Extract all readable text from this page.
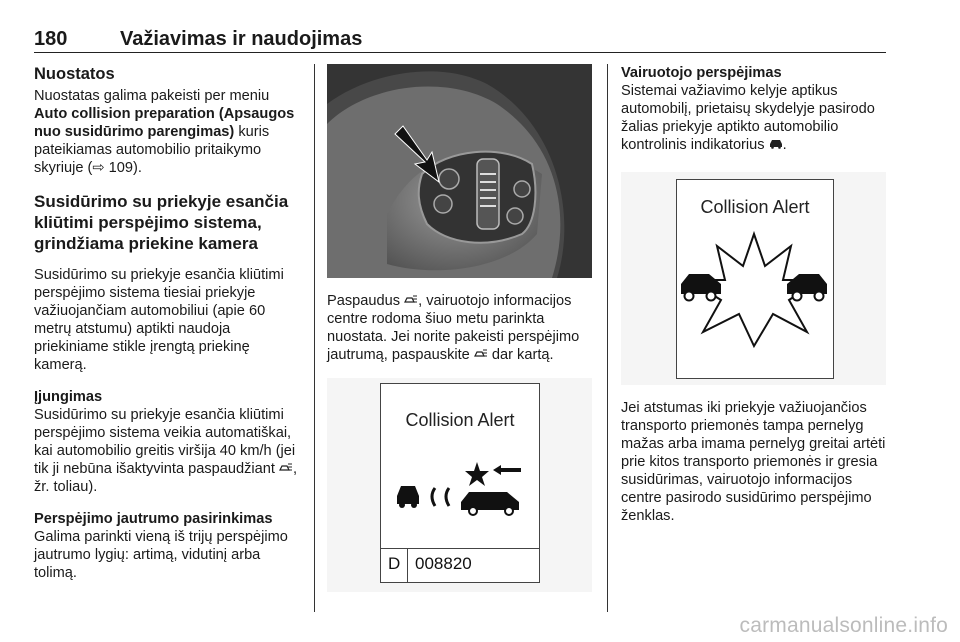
180	Važiavimas ir naudojimas
Nuostatos

Nuostatas galima pakeisti per meniu Auto collision preparation (Apsaugos nuo susidūrimo parengimas) kuris pateikiamas automobilio pritaikymo skyriuje (⇨ 109).

Susidūrimo su priekyje esančia kliūtimi perspėjimo sistema, grindžiama priekine kamera

Susidūrimo su priekyje esančia kliūtimi perspėjimo sistema tiesiai priekyje važiuojančiam automobiliui (apie 60 metrų atstumu) aptikti naudoja priekiniame stikle įrengtą priekinę kamerą.

Įjungimas

Susidūrimo su priekyje esančia kliūtimi perspėjimo sistema veikia automatiškai, kai automobilio greitis viršija 40 km/h (jei tik ji nebūna išaktyvinta paspaudžiant , žr. toliau).

Perspėjimo jautrumo pasirinkimas

Galima parinkti vieną iš trijų perspėjimo jautrumo lygių: artimą, vidutinį arba tolimą.

Paspaudus , vairuotojo informacijos centre rodoma šiuo metu parinkta nuostata. Jei norite pakeisti perspėjimo jautrumą, paspauskite  dar kartą.

Collision Alert
D 008820

Vairuotojo perspėjimas

Sistemai važiavimo kelyje aptikus automobilį, prietaisų skydelyje pasirodo žalias priekyje aptikto automobilio kontrolinis indikatorius .

Collision Alert

Jei atstumas iki priekyje važiuojančios transporto priemonės tampa pernelyg mažas arba imama pernelyg greitai artėti prie kitos transporto priemonės ir gresia susidūrimas, vairuotojo informacijos centre pasirodo susidūrimo perspėjimo ženklas.

carmanualsonline.info
